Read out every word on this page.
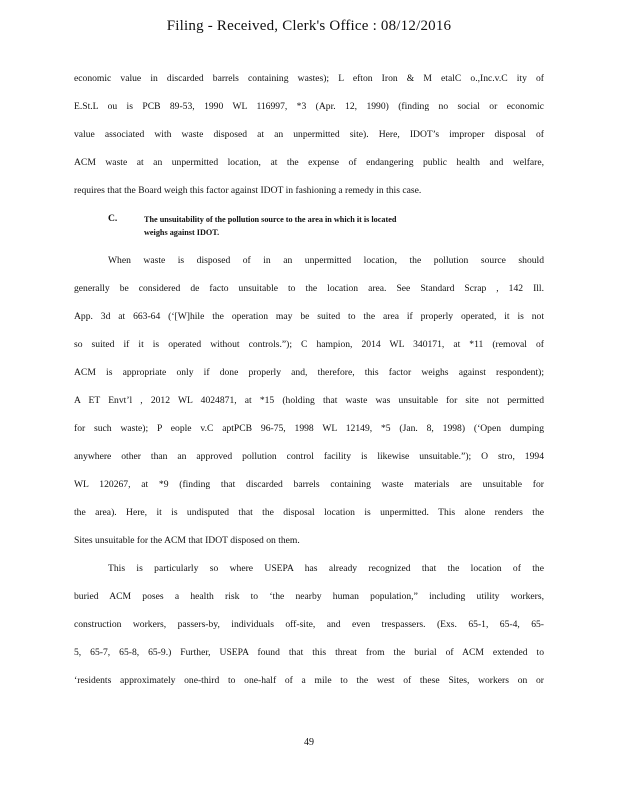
Filing - Received, Clerk's Office : 08/12/2016
economic value in discarded barrels containing wastes); L efton Iron & M etalC o.,Inc.v.C ity of
E.St.L ou is PCB 89-53, 1990 WL 116997, *3 (Apr. 12, 1990) (finding no social or economic
value associated with waste disposed at an unpermitted site). Here, IDOT’s improper disposal of
ACM waste at an unpermitted location, at the expense of endangering public health and welfare,
requires that the Board weigh this factor against IDOT in fashioning a remedy in this case.
C.	The unsuitability of the pollution source to the area in which it is located
weighs against IDOT.
When waste is disposed of in an unpermitted location, the pollution source should
generally be considered de facto unsuitable to the location area. See Standard Scrap , 142 Ill.
App. 3d at 663-64 (‘[W]hile the operation may be suited to the area if properly operated, it is not
so suited if it is operated without controls.”); C hampion, 2014 WL 340171, at *11 (removal of
ACM is appropriate only if done properly and, therefore, this factor weighs against respondent);
A ET Envt’l , 2012 WL 4024871, at *15 (holding that waste was unsuitable for site not permitted
for such waste); P eople v.C aptPCB 96-75, 1998 WL 12149, *5 (Jan. 8, 1998) (‘Open dumping
anywhere other than an approved pollution control facility is likewise unsuitable.”); O stro, 1994
WL 120267, at *9 (finding that discarded barrels containing waste materials are unsuitable for
the area). Here, it is undisputed that the disposal location is unpermitted. This alone renders the
Sites unsuitable for the ACM that IDOT disposed on them.
This is particularly so where USEPA has already recognized that the location of the
buried ACM poses a health risk to ‘the nearby human population,” including utility workers,
construction workers, passers-by, individuals off-site, and even trespassers. (Exs. 65-1, 65-4, 65-
5, 65-7, 65-8, 65-9.) Further, USEPA found that this threat from the burial of ACM extended to
‘residents approximately one-third to one-half of a mile to the west of these Sites, workers on or
49
